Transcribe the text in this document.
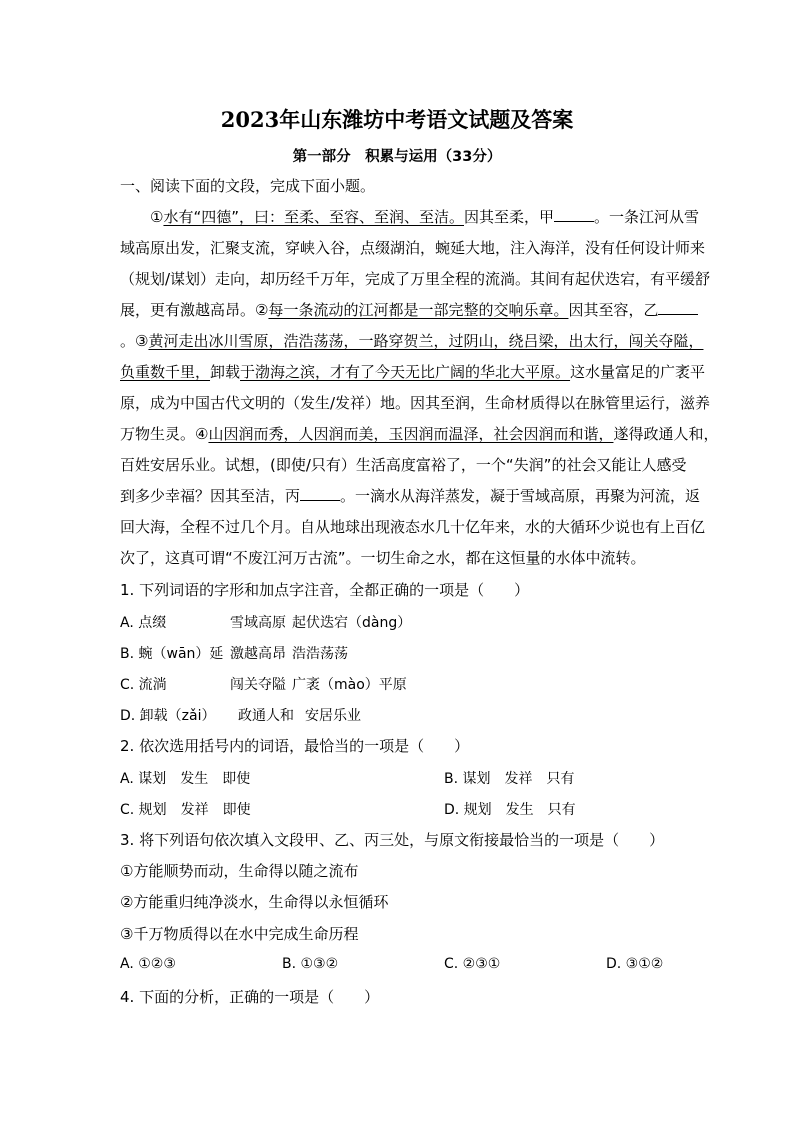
2023年山东潍坊中考语文试题及答案
第一部分　积累与运用（33分）
一、阅读下面的文段，完成下面小题。
　　①水有“四德”，曰：至柔、至容、至润、至洁。因其至柔，甲	。一条江河从雪
域高原出发，汇聚支流，穿峡入谷，点缀湖泊，蜿延大地，注入海洋，没有任何设计师来
（规划/谋划）走向，却历经千万年，完成了万里全程的流淌。其间有起伏迭宕，有平缓舒
展，更有激越高昂。②每一条流动的江河都是一部完整的交响乐章。因其至容，乙
。③黄河走出冰川雪原，浩浩荡荡，一路穿贺兰，过阴山，绕吕梁，出太行，闯关夺隘，
负重数千里，卸载于渤海之滨，才有了今天无比广阔的华北大平原。这水量富足的广袤平
原，成为中国古代文明的（发生/发祥）地。因其至润，生命材质得以在脉管里运行，滋养
万物生灵。④山因润而秀，人因润而美，玉因润而温泽，社会因润而和谐，遂得政通人和，
百姓安居乐业。试想，(即使/只有）生活高度富裕了，一个“失润”的社会又能让人感受
到多少幸福？因其至洁，丙	。一滴水从海洋蒸发，凝于雪域高原，再聚为河流，返
回大海，全程不过几个月。自从地球出现液态水几十亿年来，水的大循环少说也有上百亿
次了，这真可谓“不废江河万古流”。一切生命之水，都在这恒量的水体中流转。
1. 下列词语的字形和加点字注音，全都正确的一项是（　　）
A. 点缀	雪域高原 起伏迭宕（dàng）
B. 蜿（wān）延 激越高昂 浩浩荡荡
C. 流淌	闯关夺隘 广袤（mào）平原
D. 卸载（zǎi） 政通人和 安居乐业
2. 依次选用括号内的词语，最恰当的一项是（　　）
A. 谋划　发生　即使	B. 谋划　发祥　只有
C. 规划　发祥　即使	D. 规划　发生　只有
3. 将下列语句依次填入文段甲、乙、丙三处，与原文衔接最恰当的一项是（　　）
①方能顺势而动，生命得以随之流布
②方能重归纯净淡水，生命得以永恒循环
③千万物质得以在水中完成生命历程
A. ①②③	B. ①③②	C. ②③①	D. ③①②
4. 下面的分析，正确的一项是（　　）
